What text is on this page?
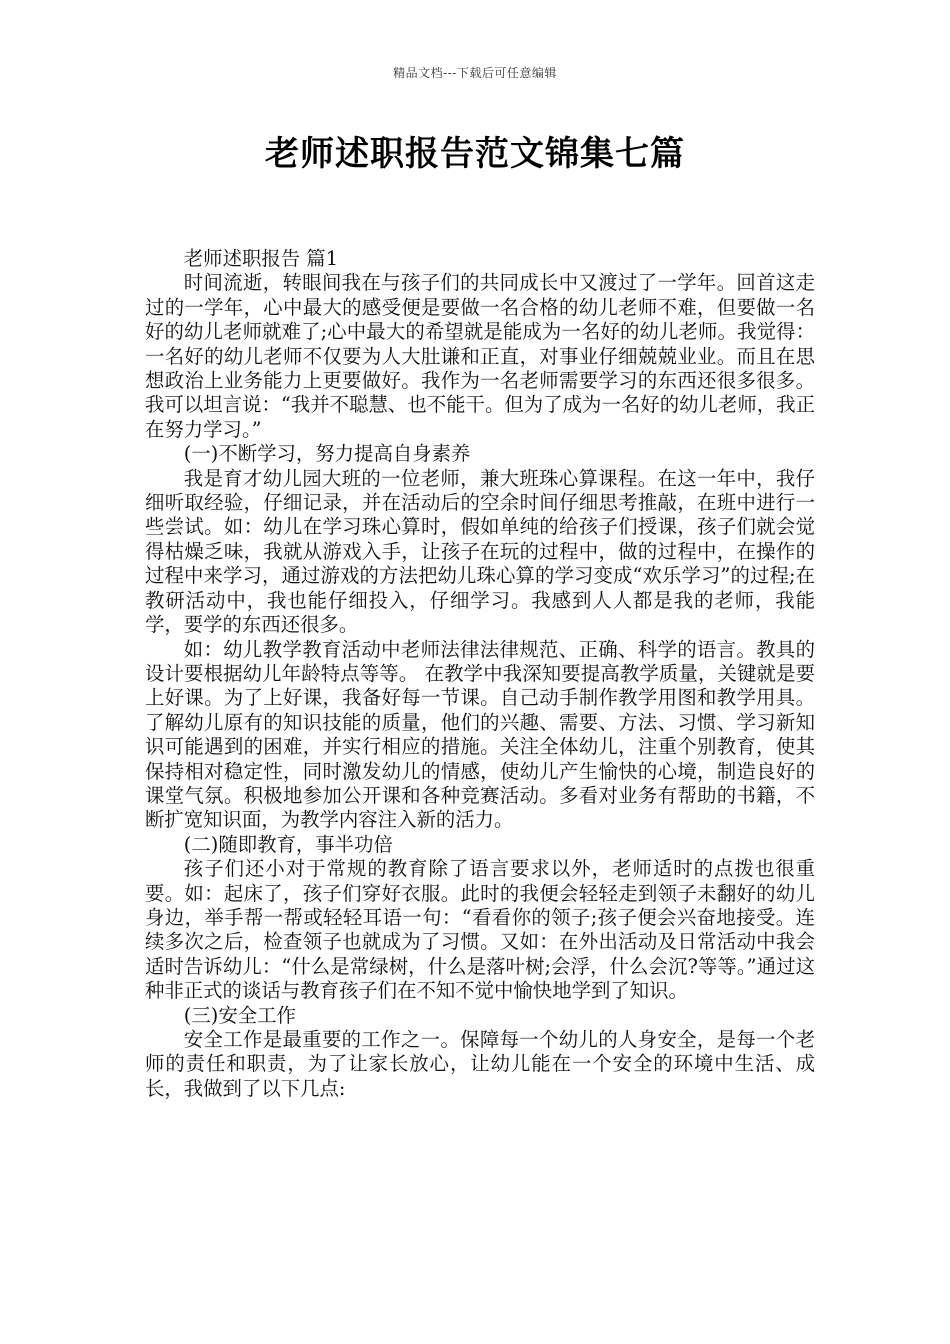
精品文档---下载后可任意编辑
老师述职报告范文锦集七篇

老师述职报告 篇1

时间流逝，转眼间我在与孩子们的共同成长中又渡过了一学年。回首这走过的一学年，心中最大的感受便是要做一名合格的幼儿老师不难，但要做一名好的幼儿老师就难了;心中最大的希望就是能成为一名好的幼儿老师。我觉得：一名好的幼儿老师不仅要为人大肚谦和正直，对事业仔细兢兢业业。而且在思想政治上业务能力上更要做好。我作为一名老师需要学习的东西还很多很多。我可以坦言说：“我并不聪慧、也不能干。但为了成为一名好的幼儿老师，我正在努力学习。”

(一)不断学习，努力提高自身素养

我是育才幼儿园大班的一位老师，兼大班珠心算课程。在这一年中，我仔细听取经验，仔细记录，并在活动后的空余时间仔细思考推敲，在班中进行一些尝试。如：幼儿在学习珠心算时，假如单纯的给孩子们授课，孩子们就会觉得枯燥乏味，我就从游戏入手，让孩子在玩的过程中，做的过程中，在操作的过程中来学习，通过游戏的方法把幼儿珠心算的学习变成“欢乐学习”的过程;在教研活动中，我也能仔细投入，仔细学习。我感到人人都是我的老师，我能学，要学的东西还很多。

如：幼儿教学教育活动中老师法律法律规范、正确、科学的语言。教具的设计要根据幼儿年龄特点等等。 在教学中我深知要提高教学质量，关键就是要上好课。为了上好课，我备好每一节课。自己动手制作教学用图和教学用具。了解幼儿原有的知识技能的质量，他们的兴趣、需要、方法、习惯、学习新知识可能遇到的困难，并实行相应的措施。关注全体幼儿，注重个别教育，使其保持相对稳定性，同时激发幼儿的情感，使幼儿产生愉快的心境，制造良好的课堂气氛。积极地参加公开课和各种竞赛活动。多看对业务有帮助的书籍，不断扩宽知识面，为教学内容注入新的活力。

(二)随即教育，事半功倍

孩子们还小对于常规的教育除了语言要求以外，老师适时的点拨也很重要。如：起床了，孩子们穿好衣服。此时的我便会轻轻走到领子未翻好的幼儿身边，举手帮一帮或轻轻耳语一句：“看看你的领子;孩子便会兴奋地接受。连续多次之后，检查领子也就成为了习惯。又如：在外出活动及日常活动中我会适时告诉幼儿：“什么是常绿树，什么是落叶树;会浮，什么会沉?等等。”通过这种非正式的谈话与教育孩子们在不知不觉中愉快地学到了知识。

(三)安全工作

安全工作是最重要的工作之一。保障每一个幼儿的人身安全，是每一个老师的责任和职责，为了让家长放心，让幼儿能在一个安全的环境中生活、成长，我做到了以下几点:
